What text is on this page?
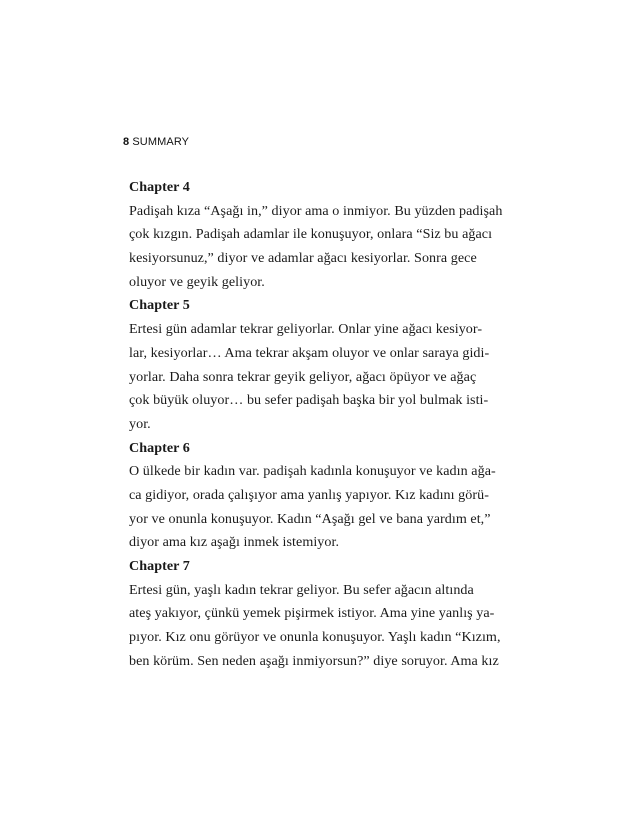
8 SUMMARY
Chapter 4
Padişah kıza “Aşağı in,” diyor ama o inmiyor. Bu yüzden padişah
çok kızgın. Padişah adamlar ile konuşuyor, onlara “Siz bu ağacı
kesiyorsunuz,” diyor ve adamlar ağacı kesiyorlar. Sonra gece
oluyor ve geyik geliyor.
Chapter 5
Ertesi gün adamlar tekrar geliyorlar. Onlar yine ağacı kesiyor-
lar, kesiyorlar… Ama tekrar akşam oluyor ve onlar saraya gidi-
yorlar. Daha sonra tekrar geyik geliyor, ağacı öpüyor ve ağaç
çok büyük oluyor… bu sefer padişah başka bir yol bulmak isti-
yor.
Chapter 6
O ülkede bir kadın var. padişah kadınla konuşuyor ve kadın ağa-
ca gidiyor, orada çalışıyor ama yanlış yapıyor. Kız kadını görü-
yor ve onunla konuşuyor. Kadın “Aşağı gel ve bana yardım et,”
diyor ama kız aşağı inmek istemiyor.
Chapter 7
Ertesi gün, yaşlı kadın tekrar geliyor. Bu sefer ağacın altında
ateş yakıyor, çünkü yemek pişirmek istiyor. Ama yine yanlış ya-
pıyor. Kız onu görüyor ve onunla konuşuyor. Yaşlı kadın “Kızım,
ben körüm. Sen neden aşağı inmiyorsun?” diye soruyor. Ama kız
